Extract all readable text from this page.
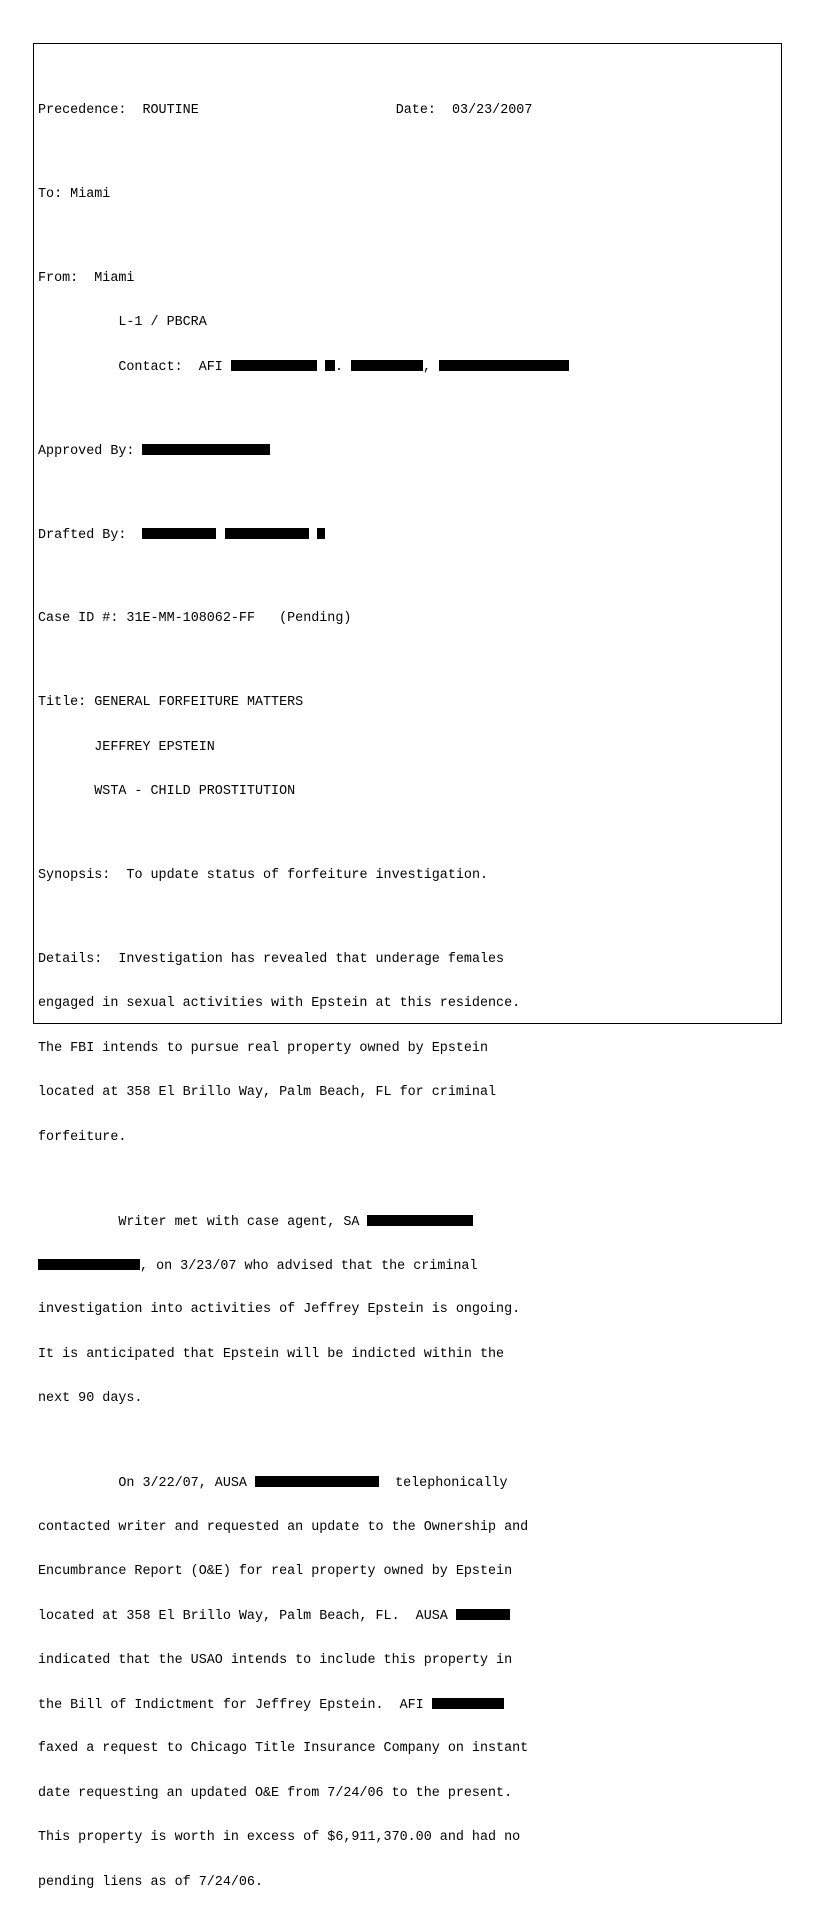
Precedence: ROUTINE	Date: 03/23/2007

To: Miami

From: Miami

L-1 / PBCRA

Contact: AFI	.	,

Approved By:

Drafted By:

Case ID #: 31E-MM-108062-FF (Pending)

Title: GENERAL FORFEITURE MATTERS

JEFFREY EPSTEIN

WSTA - CHILD PROSTITUTION

Synopsis: To update status of forfeiture investigation.

Details: Investigation has revealed that underage females

engaged in sexual activities with Epstein at this residence.

The FBI intends to pursue real property owned by Epstein

located at 358 El Brillo Way, Palm Beach, FL for criminal

forfeiture.

Writer met with case agent, SA

, on 3/23/07 who advised that the criminal

investigation into activities of Jeffrey Epstein is ongoing.

It is anticipated that Epstein will be indicted within the

next 90 days.

On 3/22/07, AUSA	telephonically

contacted writer and requested an update to the Ownership and

Encumbrance Report (O&E) for real property owned by Epstein

located at 358 El Brillo Way, Palm Beach, FL.  AUSA

indicated that the USAO intends to include this property in

the Bill of Indictment for Jeffrey Epstein.  AFI

faxed a request to Chicago Title Insurance Company on instant

date requesting an updated O&E from 7/24/06 to the present.

This property is worth in excess of $6,911,370.00 and had no

pending liens as of 7/24/06.
